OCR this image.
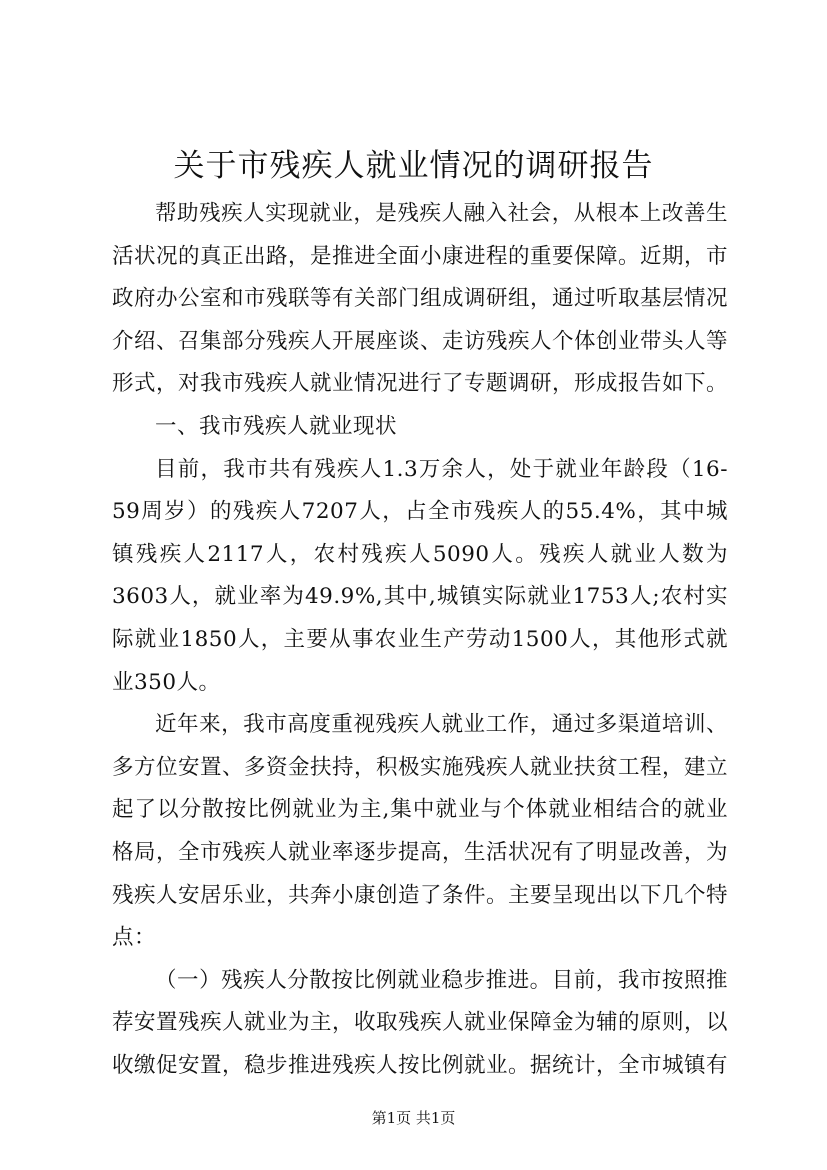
关于市残疾人就业情况的调研报告

帮助残疾人实现就业，是残疾人融入社会，从根本上改善生活状况的真正出路，是推进全面小康进程的重要保障。近期，市政府办公室和市残联等有关部门组成调研组，通过听取基层情况介绍、召集部分残疾人开展座谈、走访残疾人个体创业带头人等形式，对我市残疾人就业情况进行了专题调研，形成报告如下。

一、我市残疾人就业现状

目前，我市共有残疾人1.3万余人，处于就业年龄段（16-59周岁）的残疾人7207人，占全市残疾人的55.4%，其中城镇残疾人2117人，农村残疾人5090人。残疾人就业人数为3603人，就业率为49.9%,其中,城镇实际就业1753人;农村实际就业1850人，主要从事农业生产劳动1500人，其他形式就业350人。

近年来，我市高度重视残疾人就业工作，通过多渠道培训、多方位安置、多资金扶持，积极实施残疾人就业扶贫工程，建立起了以分散按比例就业为主,集中就业与个体就业相结合的就业格局，全市残疾人就业率逐步提高，生活状况有了明显改善，为残疾人安居乐业，共奔小康创造了条件。主要呈现出以下几个特点：

（一）残疾人分散按比例就业稳步推进。目前，我市按照推荐安置残疾人就业为主，收取残疾人就业保障金为辅的原则，以收缴促安置，稳步推进残疾人按比例就业。据统计，全市城镇有

第1页 共1页
